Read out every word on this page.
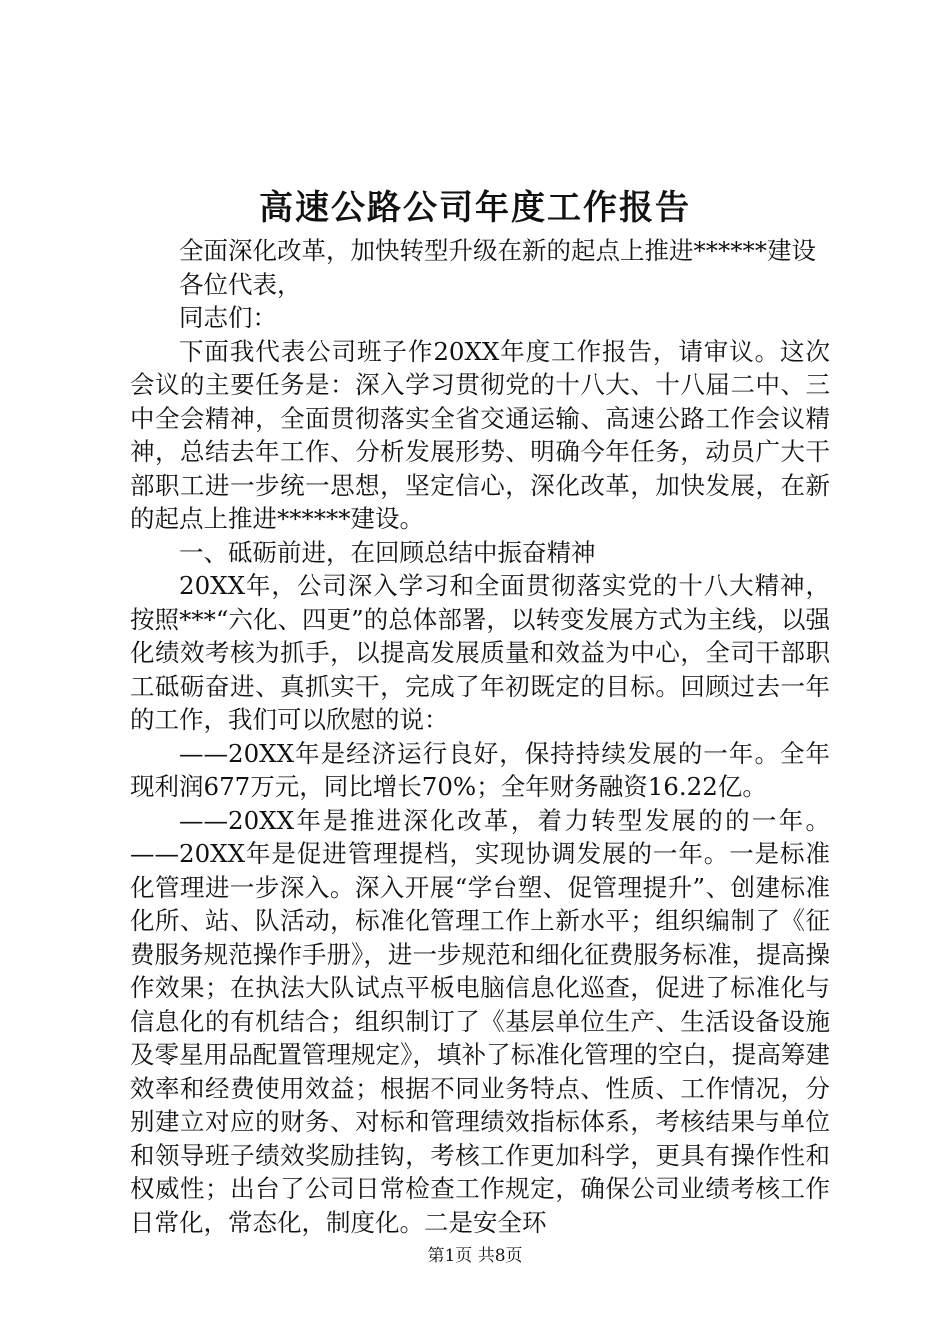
高速公路公司年度工作报告

全面深化改革，加快转型升级在新的起点上推进******建设

各位代表，

同志们：

下面我代表公司班子作20XX年度工作报告，请审议。这次会议的主要任务是：深入学习贯彻党的十八大、十八届二中、三中全会精神，全面贯彻落实全省交通运输、高速公路工作会议精神，总结去年工作、分析发展形势、明确今年任务，动员广大干部职工进一步统一思想，坚定信心，深化改革，加快发展，在新的起点上推进******建设。

一、砥砺前进，在回顾总结中振奋精神

20XX年，公司深入学习和全面贯彻落实党的十八大精神，按照***“六化、四更”的总体部署，以转变发展方式为主线，以强化绩效考核为抓手，以提高发展质量和效益为中心，全司干部职工砥砺奋进、真抓实干，完成了年初既定的目标。回顾过去一年的工作，我们可以欣慰的说：

——20XX年是经济运行良好，保持持续发展的一年。全年现利润677万元，同比增长70%；全年财务融资16.22亿。

——20XX年是推进深化改革，着力转型发展的的一年。——20XX年是促进管理提档，实现协调发展的一年。一是标准化管理进一步深入。深入开展“学台塑、促管理提升”、创建标准化所、站、队活动，标准化管理工作上新水平；组织编制了《征费服务规范操作手册》，进一步规范和细化征费服务标准，提高操作效果；在执法大队试点平板电脑信息化巡查，促进了标准化与信息化的有机结合；组织制订了《基层单位生产、生活设备设施及零星用品配置管理规定》，填补了标准化管理的空白，提高筹建效率和经费使用效益；根据不同业务特点、性质、工作情况，分别建立对应的财务、对标和管理绩效指标体系，考核结果与单位和领导班子绩效奖励挂钩，考核工作更加科学，更具有操作性和权威性；出台了公司日常检查工作规定，确保公司业绩考核工作日常化，常态化，制度化。二是安全环

第1页 共8页
